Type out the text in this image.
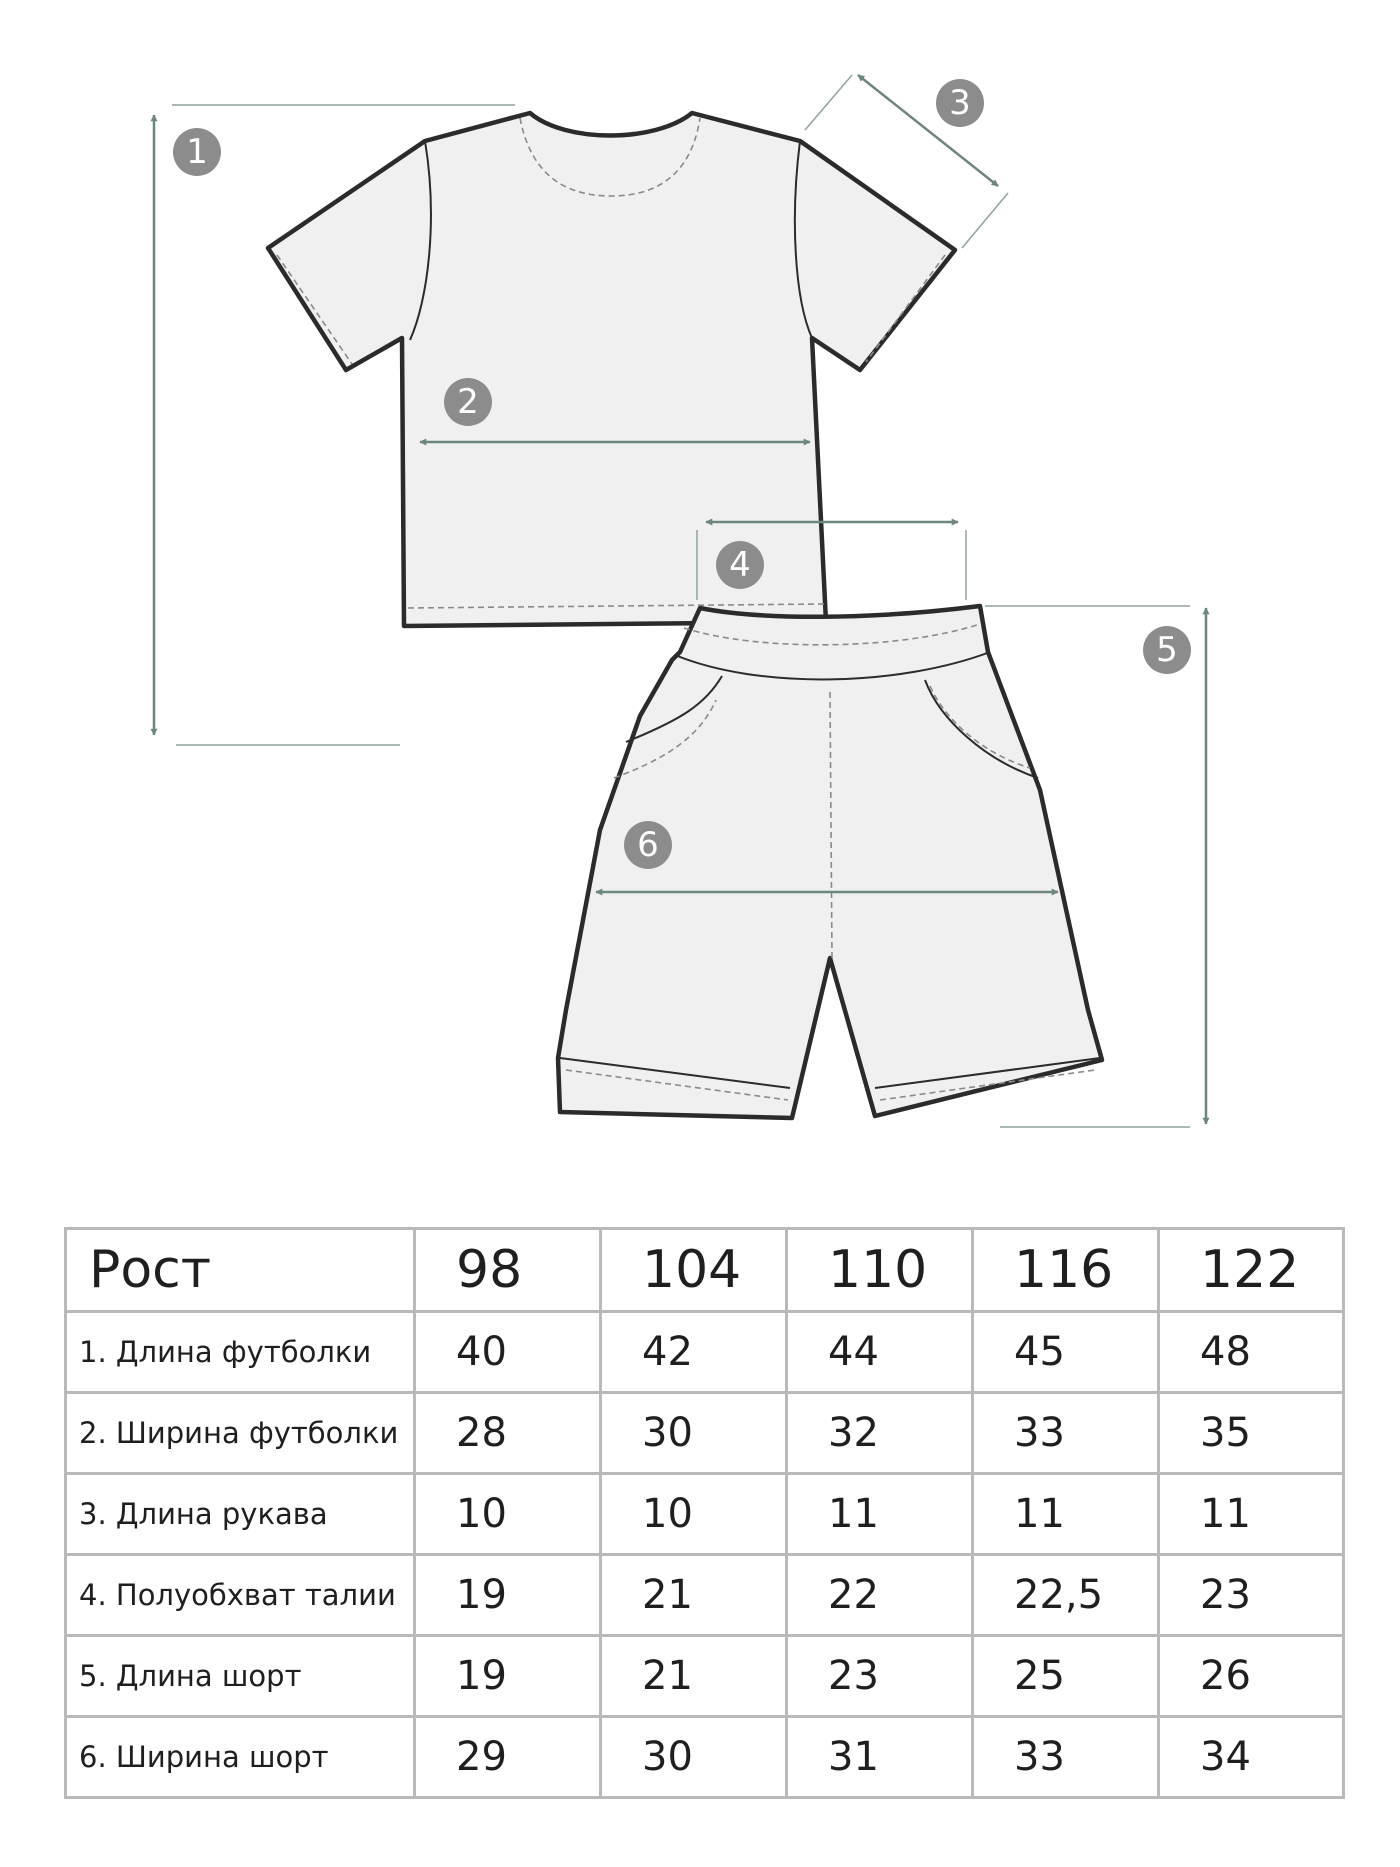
1
2
3
4
5
6
Рост	98	104	110	116	122
1. Длина футболки	40	42	44	45	48
2. Ширина футболки	28	30	32	33	35
3. Длина рукава	10	10	11	11	11
4. Полуобхват талии	19	21	22	22,5	23
5. Длина шорт	19	21	23	25	26
6. Ширина шорт	29	30	31	33	34
